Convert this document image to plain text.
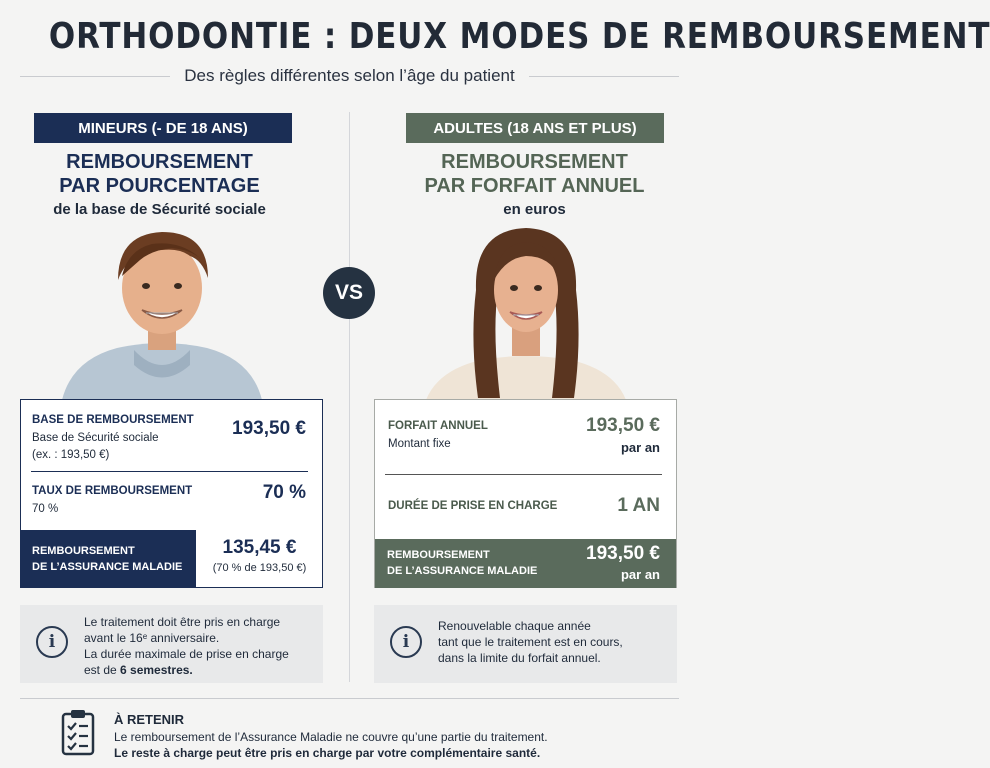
ORTHODONTIE : DEUX MODES DE REMBOURSEMENT
Des règles différentes selon l’âge du patient
MINEURS (- DE 18 ANS)
REMBOURSEMENT
PAR POURCENTAGE
de la base de Sécurité sociale
BASE DE REMBOURSEMENT 193,50 €
Base de Sécurité sociale
(ex. : 193,50 €)
TAUX DE REMBOURSEMENT	70 %
70 %
REMBOURSEMENT
DE L’ASSURANCE MALADIE
135,45 €
(70 % de 193,50 €)
i
Le traitement doit être pris en charge
avant le 16ᵉ anniversaire.
La durée maximale de prise en charge
est de 6 semestres.
VS
ADULTES (18 ANS ET PLUS)
REMBOURSEMENT
PAR FORFAIT ANNUEL
en euros
FORFAIT ANNUEL
Montant fixe
193,50 €
par an
DURÉE DE PRISE EN CHARGE	1 AN
REMBOURSEMENT
DE L’ASSURANCE MALADIE
193,50 €
par an
i
Renouvelable chaque année
tant que le traitement est en cours,
dans la limite du forfait annuel.
À RETENIR
Le remboursement de l’Assurance Maladie ne couvre qu’une partie du traitement.
Le reste à charge peut être pris en charge par votre complémentaire santé.
